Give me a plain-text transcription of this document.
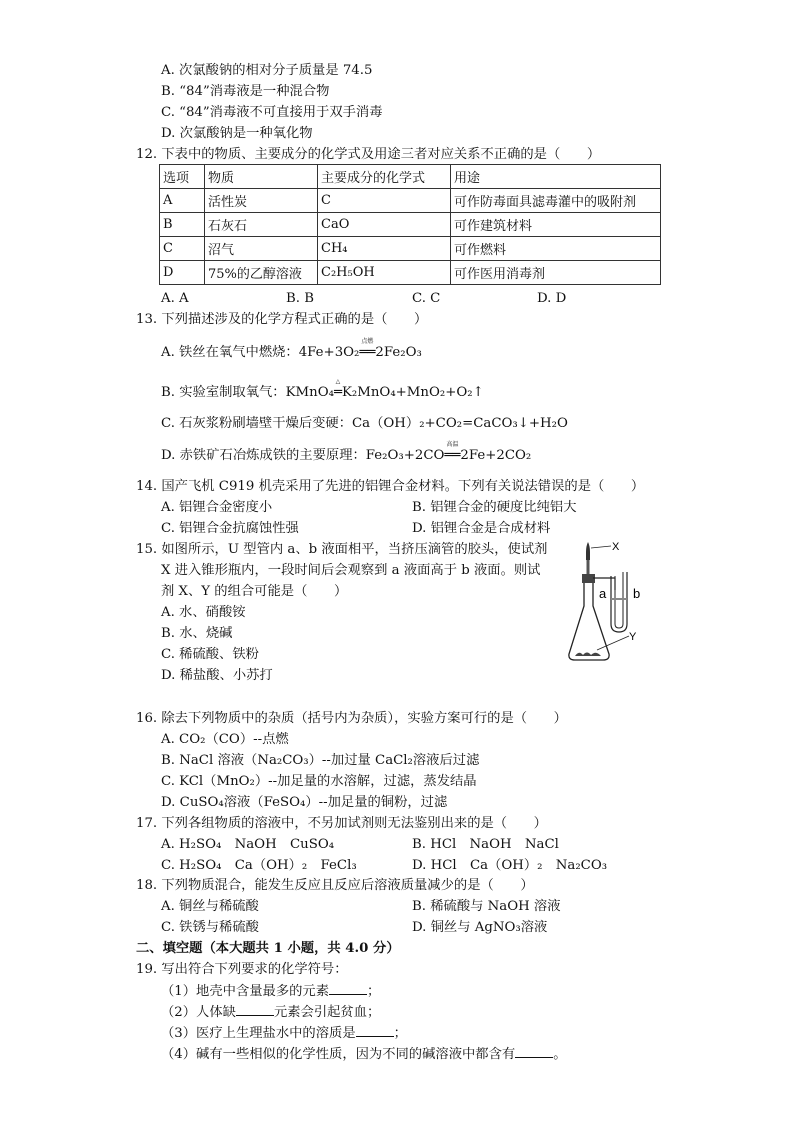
A. 次氯酸钠的相对分子质量是 74.5
B. “84”消毒液是一种混合物
C. “84”消毒液不可直接用于双手消毒
D. 次氯酸钠是一种氧化物
12. 下表中的物质、主要成分的化学式及用途三者对应关系不正确的是（　　）
选项	物质	主要成分的化学式	用途
A	活性炭	C	可作防毒面具滤毒灌中的吸附剂
B	石灰石	CaO	可作建筑材料
C	沼气	CH₄	可作燃料
D	75%的乙醇溶液	C₂H₅OH	可作医用消毒剂
A. A	B. B	C. C	D. D
13. 下列描述涉及的化学方程式正确的是（　　）
A. 铁丝在氧气中燃烧：4Fe+3O₂
点燃
══2Fe₂O₃
B. 实验室制取氧气：KMnO₄
△
═K₂MnO₄+MnO₂+O₂↑
C. 石灰浆粉刷墙壁干燥后变硬：Ca（OH）₂+CO₂=CaCO₃↓+H₂O
D. 赤铁矿石冶炼成铁的主要原理：Fe₂O₃+2CO
高温
══2Fe+2CO₂
14. 国产飞机 C919 机壳采用了先进的铝锂合金材料。下列有关说法错误的是（　　）
A. 铝锂合金密度小	B. 铝锂合金的硬度比纯铝大
C. 铝锂合金抗腐蚀性强	D. 铝锂合金是合成材料
15. 如图所示，U 型管内 a、b 液面相平，当挤压滴管的胶头，使试剂
X 进入锥形瓶内，一段时间后会观察到 a 液面高于 b 液面。则试
剂 X、Y 的组合可能是（　　）
A. 水、硝酸铵
B. 水、烧碱
C. 稀硫酸、铁粉
D. 稀盐酸、小苏打
X
Y
a b
16. 除去下列物质中的杂质（括号内为杂质），实验方案可行的是（　　）
A. CO₂（CO）--点燃
B. NaCl 溶液（Na₂CO₃）--加过量 CaCl₂溶液后过滤
C. KCl（MnO₂）--加足量的水溶解，过滤，蒸发结晶
D. CuSO₄溶液（FeSO₄）--加足量的铜粉，过滤
17. 下列各组物质的溶液中，不另加试剂则无法鉴别出来的是（　　）
A. H₂SO₄　NaOH　CuSO₄	B. HCl　NaOH　NaCl
C. H₂SO₄　Ca（OH）₂　FeCl₃	D. HCl　Ca（OH）₂　Na₂CO₃
18. 下列物质混合，能发生反应且反应后溶液质量减少的是（　　）
A. 铜丝与稀硫酸	B. 稀硫酸与 NaOH 溶液
C. 铁锈与稀硫酸	D. 铜丝与 AgNO₃溶液
二、填空题（本大题共 1 小题，共 4.0 分）
19. 写出符合下列要求的化学符号：
（1）地壳中含量最多的元素	；
（2）人体缺	元素会引起贫血；
（3）医疗上生理盐水中的溶质是	；
（4）碱有一些相似的化学性质，因为不同的碱溶液中都含有	。
